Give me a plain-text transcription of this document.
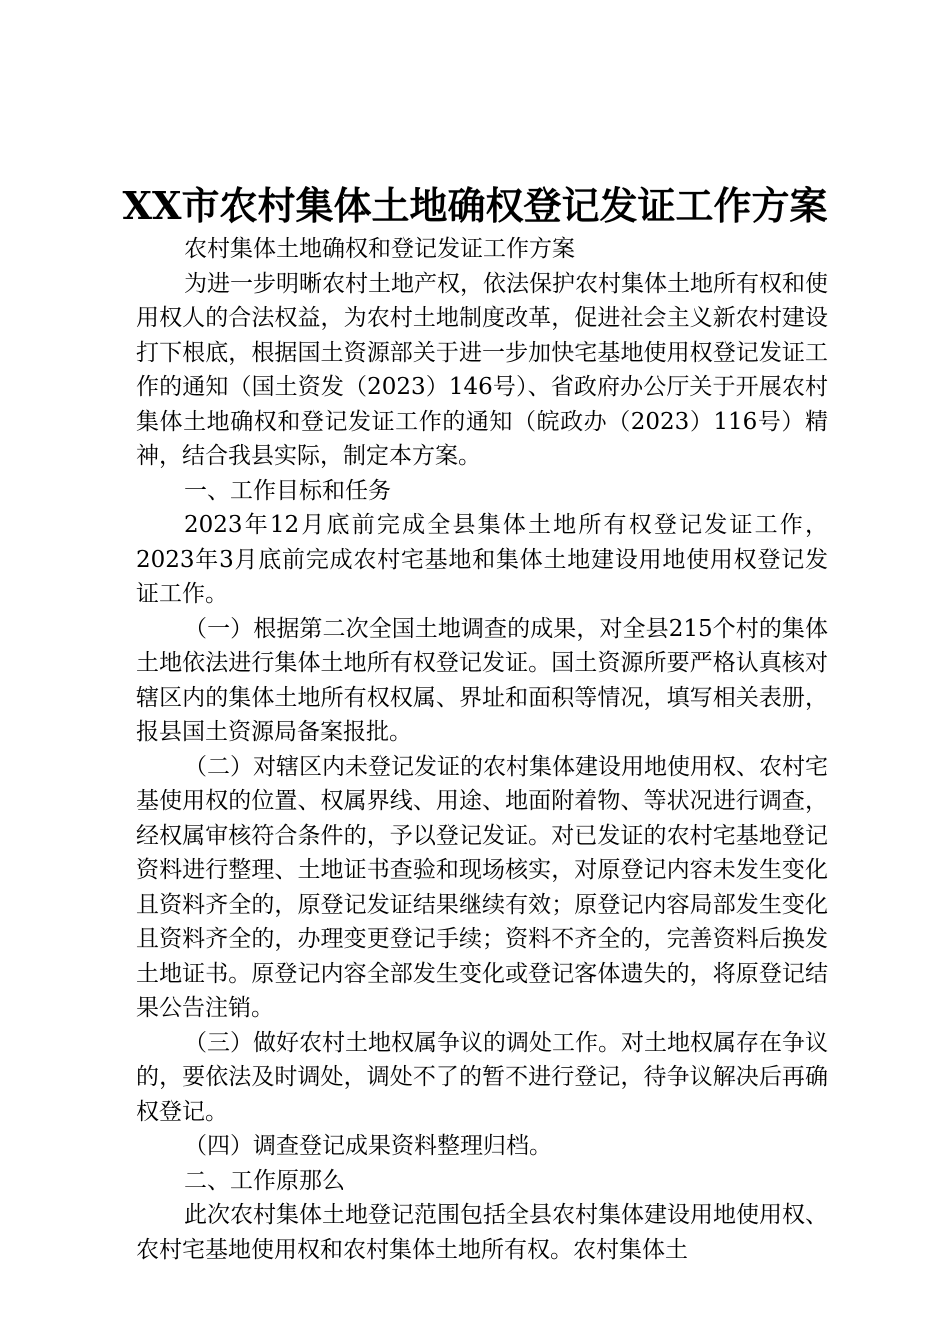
XX市农村集体土地确权登记发证工作方案

农村集体土地确权和登记发证工作方案

为进一步明晰农村土地产权，依法保护农村集体土地所有权和使用权人的合法权益，为农村土地制度改革，促进社会主义新农村建设打下根底，根据国土资源部关于进一步加快宅基地使用权登记发证工作的通知（国土资发（2023）146号）、省政府办公厅关于开展农村集体土地确权和登记发证工作的通知（皖政办（2023）116号）精神，结合我县实际，制定本方案。

一、工作目标和任务

2023年12月底前完成全县集体土地所有权登记发证工作，2023年3月底前完成农村宅基地和集体土地建设用地使用权登记发证工作。

（一）根据第二次全国土地调查的成果，对全县215个村的集体土地依法进行集体土地所有权登记发证。国土资源所要严格认真核对辖区内的集体土地所有权权属、界址和面积等情况，填写相关表册，报县国土资源局备案报批。

（二）对辖区内未登记发证的农村集体建设用地使用权、农村宅基使用权的位置、权属界线、用途、地面附着物、等状况进行调查，经权属审核符合条件的，予以登记发证。对已发证的农村宅基地登记资料进行整理、土地证书查验和现场核实，对原登记内容未发生变化且资料齐全的，原登记发证结果继续有效；原登记内容局部发生变化且资料齐全的，办理变更登记手续；资料不齐全的，完善资料后换发土地证书。原登记内容全部发生变化或登记客体遗失的，将原登记结果公告注销。

（三）做好农村土地权属争议的调处工作。对土地权属存在争议的，要依法及时调处，调处不了的暂不进行登记，待争议解决后再确权登记。

（四）调查登记成果资料整理归档。

二、工作原那么

此次农村集体土地登记范围包括全县农村集体建设用地使用权、农村宅基地使用权和农村集体土地所有权。农村集体土
